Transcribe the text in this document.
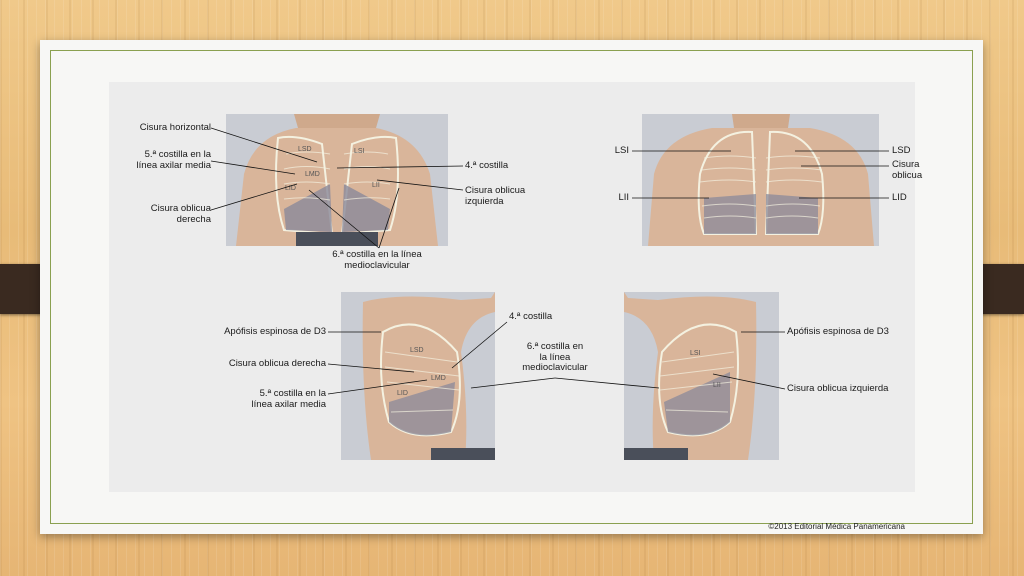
LSD	LSI
LMD
LID	LII
LSD
LMD
LID
LSI
LII
Cisura horizontal
5.ª costilla en la
línea axilar media
Cisura oblicua
derecha
4.ª costilla
Cisura oblicua
izquierda
6.ª costilla en la línea
medioclavicular
LSI
LII
LSD
Cisura
oblicua
LID
Apófisis espinosa de D3
Cisura oblicua derecha
5.ª costilla en la
línea axilar media
4.ª costilla
6.ª costilla en
la línea
medioclavicular
Apófisis espinosa de D3
Cisura oblicua izquierda
©2013 Editorial Médica Panamericana
